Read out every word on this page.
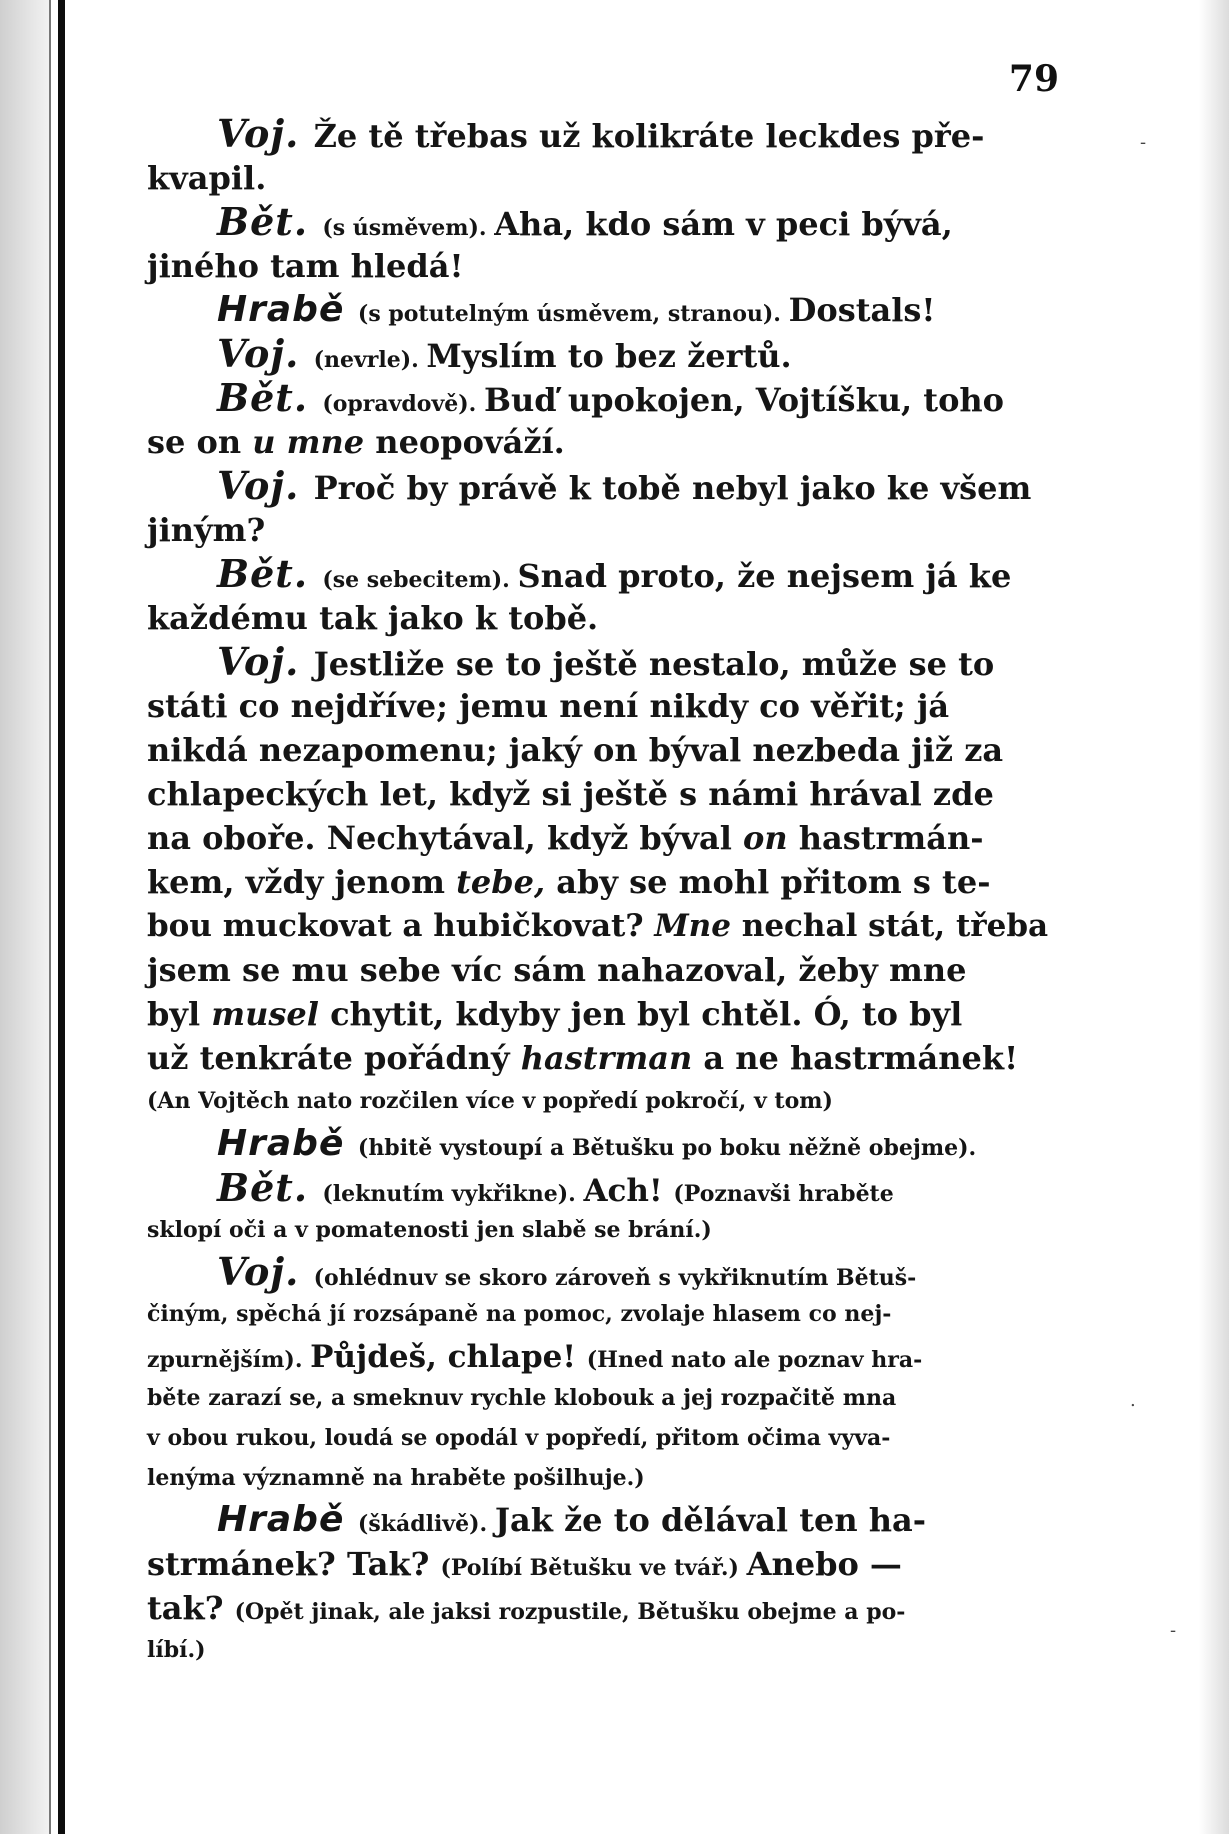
79
Voj. Že tě třebas už kolikráte leckdes pře-
kvapil.
Bět. (s úsměvem). Aha, kdo sám v peci bývá,
jiného tam hledá!
Hrabě (s potutelným úsměvem, stranou). Dostals!
Voj. (nevrle). Myslím to bez žertů.
Bět. (opravdově). Buď upokojen, Vojtíšku, toho
se on u mne neopováží.
Voj. Proč by právě k tobě nebyl jako ke všem
jiným?
Bět. (se sebecitem). Snad proto, že nejsem já ke
každému tak jako k tobě.
Voj. Jestliže se to ještě nestalo, může se to
státi co nejdříve; jemu není nikdy co věřit; já
nikdá nezapomenu; jaký on býval nezbeda již za
chlapeckých let, když si ještě s námi hrával zde
na oboře. Nechytával, když býval on hastrmán-
kem, vždy jenom tebe, aby se mohl přitom s te-
bou muckovat a hubičkovat? Mne nechal stát, třeba
jsem se mu sebe víc sám nahazoval, žeby mne
byl musel chytit, kdyby jen byl chtěl. Ó, to byl
už tenkráte pořádný hastrman a ne hastrmánek!
(An Vojtěch nato rozčilen více v popředí pokročí, v tom)
Hrabě (hbitě vystoupí a Bětušku po boku něžně obejme).
Bět. (leknutím vykřikne). Ach! (Poznavši hraběte
sklopí oči a v pomatenosti jen slabě se brání.)
Voj. (ohlédnuv se skoro zároveň s vykřiknutím Bětuš-
činým, spěchá jí rozsápaně na pomoc, zvolaje hlasem co nej-
zpurnějším). Půjdeš, chlape! (Hned nato ale poznav hra-
běte zarazí se, a smeknuv rychle klobouk a jej rozpačitě mna
v obou rukou, loudá se opodál v popředí, přitom očima vyva-
lenýma významně na hraběte pošilhuje.)
Hrabě (škádlivě). Jak že to dělával ten ha-
strmánek? Tak? (Políbí Bětušku ve tvář.) Anebo —
tak? (Opět jinak, ale jaksi rozpustile, Bětušku obejme a po-
líbí.)
-
.
-
